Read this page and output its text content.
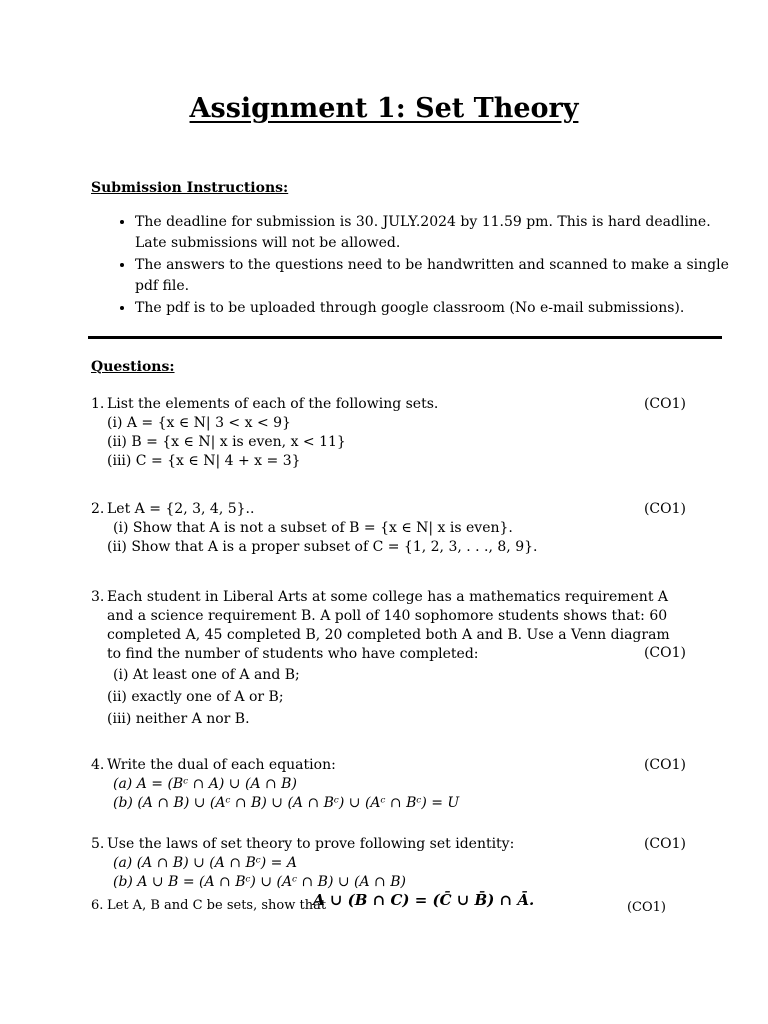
Assignment 1: Set Theory
Submission Instructions:
• The deadline for submission is 30. JULY.2024 by 11.59 pm. This is hard deadline. Late submissions will not be allowed.
• The answers to the questions need to be handwritten and scanned to make a single pdf file.
• The pdf is to be uploaded through google classroom (No e-mail submissions).
Questions:
1. List the elements of each of the following sets.
(i) A = {x ∈ N| 3 < x < 9}
(ii) B = {x ∈ N| x is even, x < 11}
(iii) C = {x ∈ N| 4 + x = 3}
(CO1)
2. Let A = {2, 3, 4, 5}..
(i) Show that A is not a subset of B = {x ∈ N| x is even}.
(ii) Show that A is a proper subset of C = {1, 2, 3, . . ., 8, 9}.
(CO1)
3. Each student in Liberal Arts at some college has a mathematics requirement A and a science requirement B. A poll of 140 sophomore students shows that: 60 completed A, 45 completed B, 20 completed both A and B. Use a Venn diagram to find the number of students who have completed:
(i) At least one of A and B;
(ii) exactly one of A or B;
(iii) neither A nor B.
(CO1)
4. Write the dual of each equation:
(a) A = (Bᶜ ∩ A) ∪ (A ∩ B)
(b) (A ∩ B) ∪ (Aᶜ ∩ B) ∪ (A ∩ Bᶜ) ∪ (Aᶜ ∩ Bᶜ) = U
(CO1)
5. Use the laws of set theory to prove following set identity:
(a) (A ∩ B) ∪ (A ∩ Bᶜ) = A
(b) A ∪ B = (A ∩ Bᶜ) ∪ (Aᶜ ∩ B) ∪ (A ∩ B)
(CO1)
6. Let A, B and C be sets, show that
A ∪ (B ∩ C) = (C̄ ∪ B̄) ∩ Ā.	(CO1)
